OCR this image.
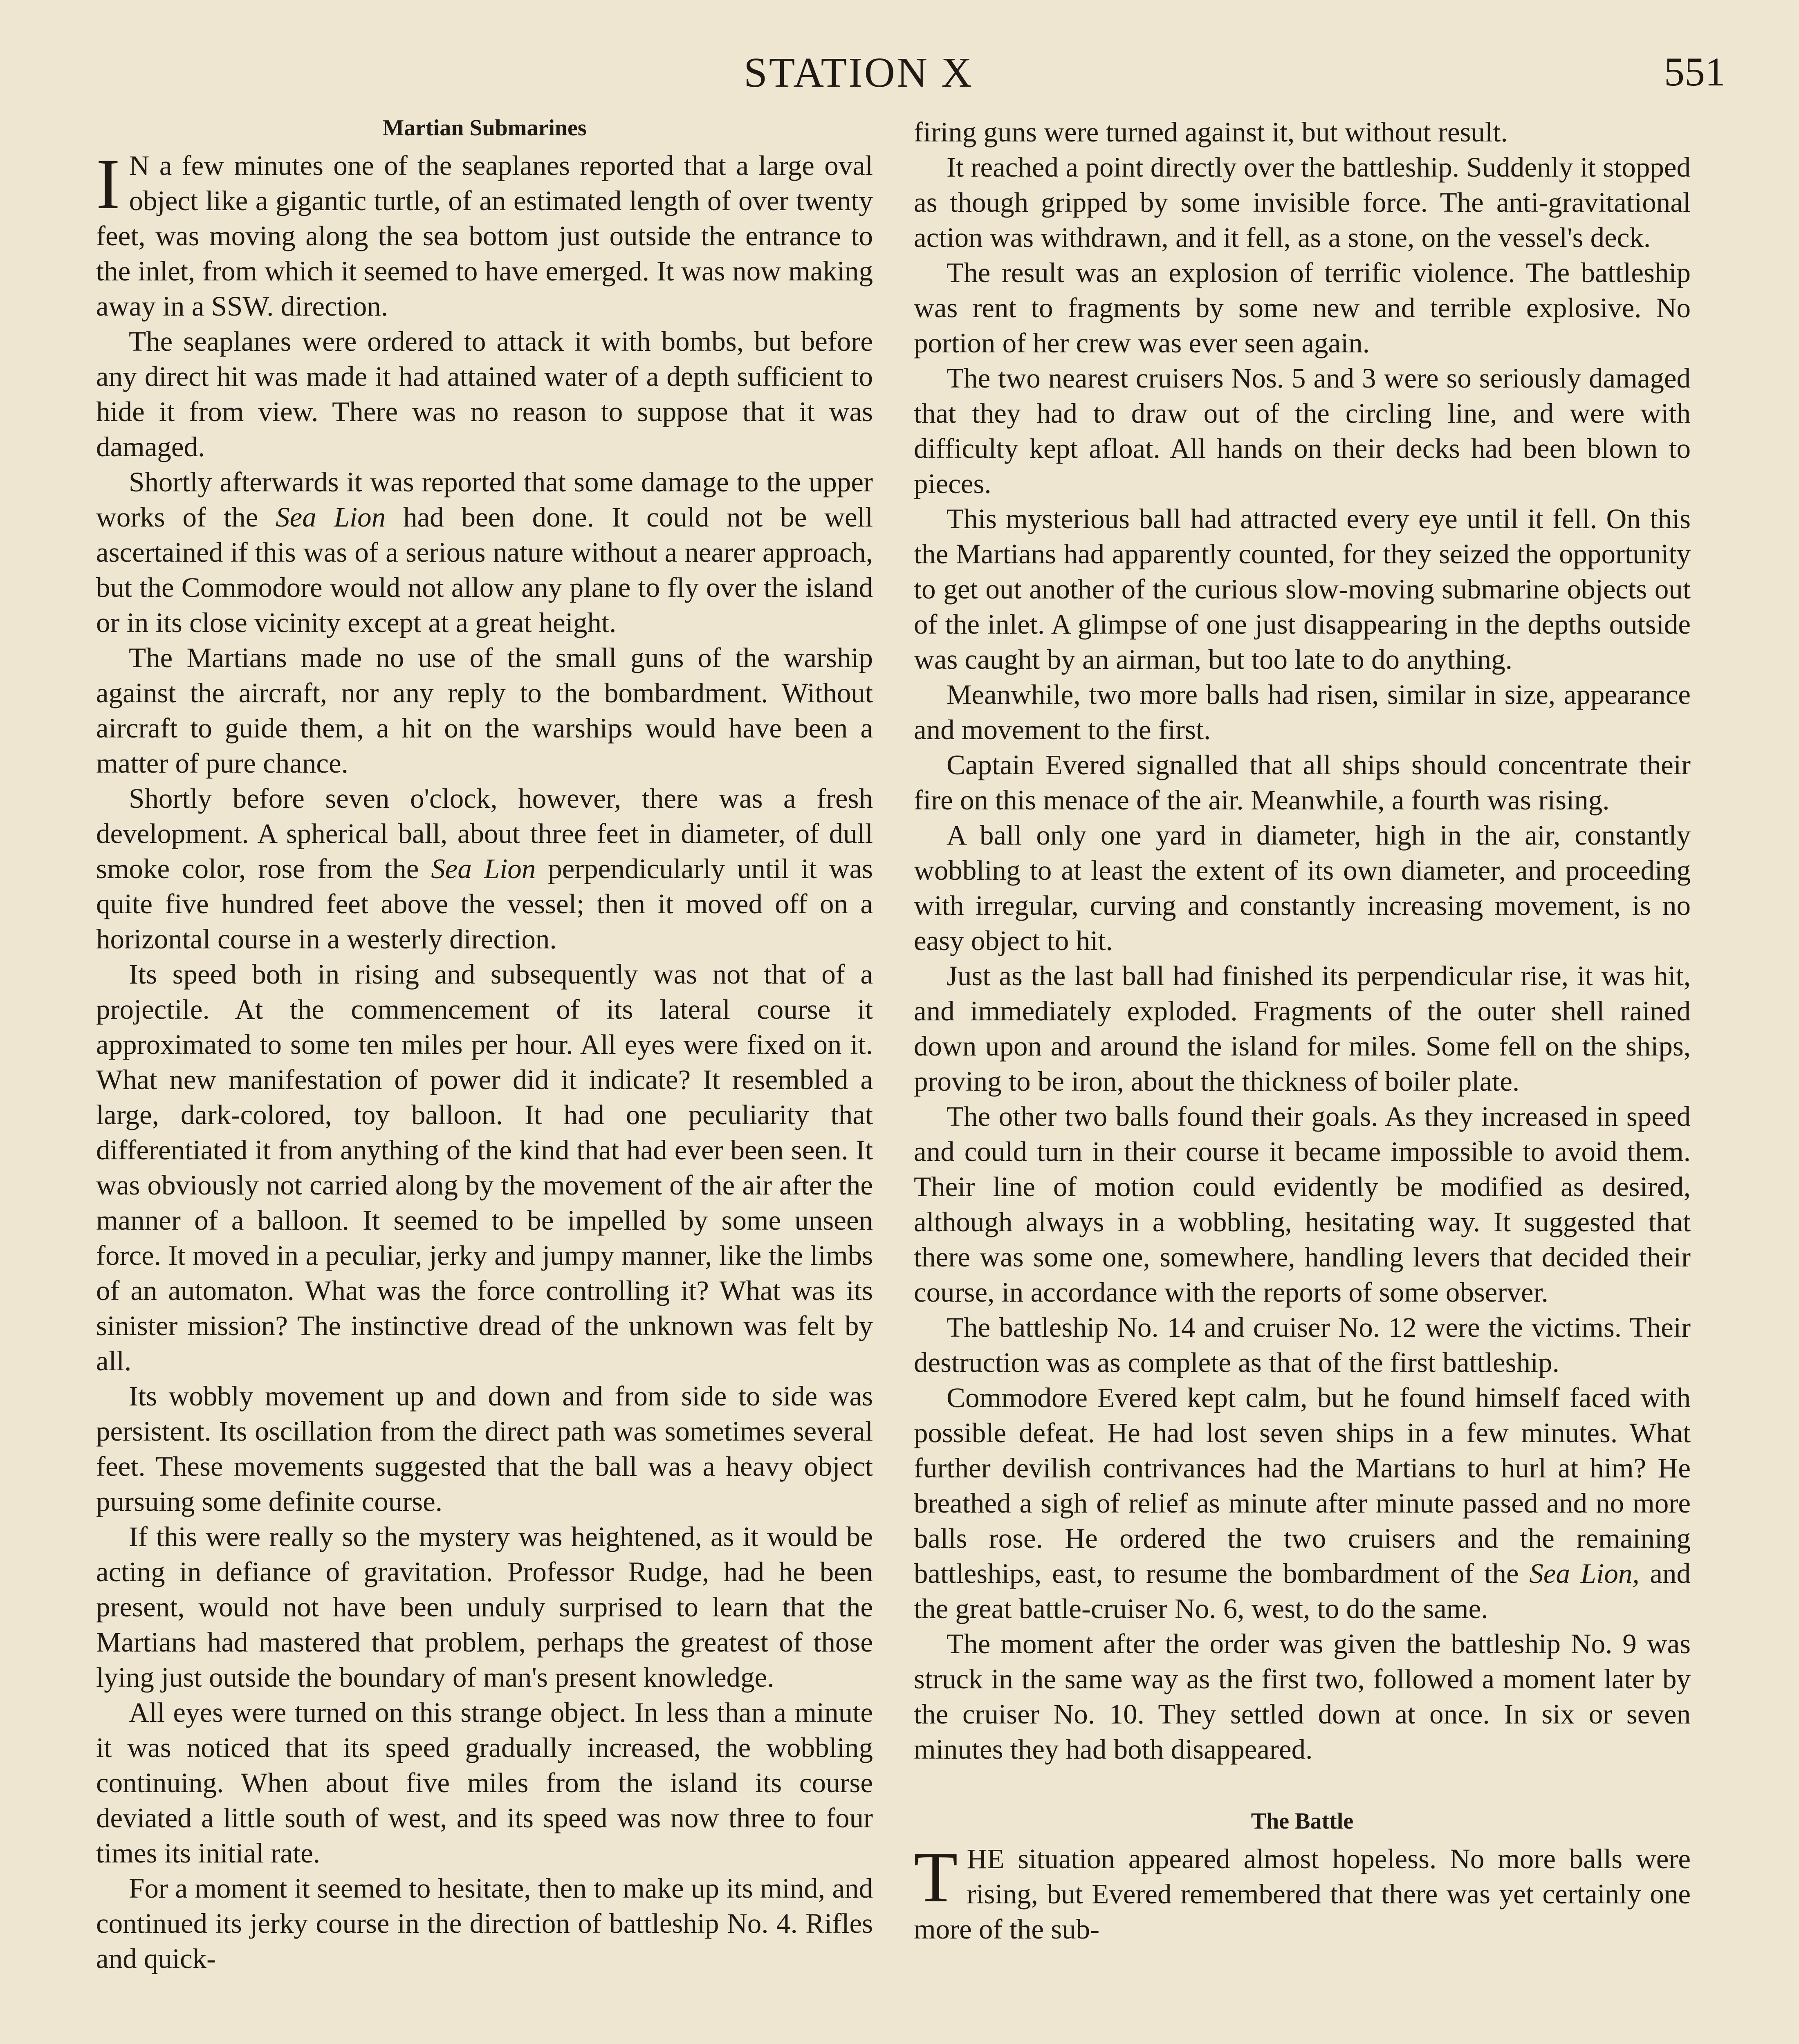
STATION X	551
Martian Submarines

I N a few minutes one of the seaplanes reported that a large oval object like a gigantic turtle, of an estimated length of over twenty feet, was moving along the sea bottom just outside the entrance to the inlet, from which it seemed to have emerged. It was now making away in a SSW. direction.

The seaplanes were ordered to attack it with bombs, but before any direct hit was made it had attained water of a depth sufficient to hide it from view. There was no reason to suppose that it was damaged.

Shortly afterwards it was reported that some damage to the upper works of the Sea Lion had been done. It could not be well ascertained if this was of a serious nature without a nearer approach, but the Commodore would not allow any plane to fly over the island or in its close vicinity except at a great height.

The Martians made no use of the small guns of the warship against the aircraft, nor any reply to the bombardment. Without aircraft to guide them, a hit on the warships would have been a matter of pure chance.

Shortly before seven o'clock, however, there was a fresh development. A spherical ball, about three feet in diameter, of dull smoke color, rose from the Sea Lion perpendicularly until it was quite five hundred feet above the vessel; then it moved off on a horizontal course in a westerly direction.

Its speed both in rising and subsequently was not that of a projectile. At the commencement of its lateral course it approximated to some ten miles per hour. All eyes were fixed on it. What new manifestation of power did it indicate? It resembled a large, dark-colored, toy balloon. It had one peculiarity that differentiated it from anything of the kind that had ever been seen. It was obviously not carried along by the movement of the air after the manner of a balloon. It seemed to be impelled by some unseen force. It moved in a peculiar, jerky and jumpy manner, like the limbs of an automaton. What was the force controlling it? What was its sinister mission? The instinctive dread of the unknown was felt by all.

Its wobbly movement up and down and from side to side was persistent. Its oscillation from the direct path was sometimes several feet. These movements suggested that the ball was a heavy object pursuing some definite course.

If this were really so the mystery was heightened, as it would be acting in defiance of gravitation. Professor Rudge, had he been present, would not have been unduly surprised to learn that the Martians had mastered that problem, perhaps the greatest of those lying just outside the boundary of man's present knowledge.

All eyes were turned on this strange object. In less than a minute it was noticed that its speed gradually increased, the wobbling continuing. When about five miles from the island its course deviated a little south of west, and its speed was now three to four times its initial rate.

For a moment it seemed to hesitate, then to make up its mind, and continued its jerky course in the direction of battleship No. 4. Rifles and quick-

firing guns were turned against it, but without result.

It reached a point directly over the battleship. Suddenly it stopped as though gripped by some invisible force. The anti-gravitational action was withdrawn, and it fell, as a stone, on the vessel's deck.

The result was an explosion of terrific violence. The battleship was rent to fragments by some new and terrible explosive. No portion of her crew was ever seen again.

The two nearest cruisers Nos. 5 and 3 were so seriously damaged that they had to draw out of the circling line, and were with difficulty kept afloat. All hands on their decks had been blown to pieces.

This mysterious ball had attracted every eye until it fell. On this the Martians had apparently counted, for they seized the opportunity to get out another of the curious slow-moving submarine objects out of the inlet. A glimpse of one just disappearing in the depths outside was caught by an airman, but too late to do anything.

Meanwhile, two more balls had risen, similar in size, appearance and movement to the first.

Captain Evered signalled that all ships should concentrate their fire on this menace of the air. Meanwhile, a fourth was rising.

A ball only one yard in diameter, high in the air, constantly wobbling to at least the extent of its own diameter, and proceeding with irregular, curving and constantly increasing movement, is no easy object to hit.

Just as the last ball had finished its perpendicular rise, it was hit, and immediately exploded. Fragments of the outer shell rained down upon and around the island for miles. Some fell on the ships, proving to be iron, about the thickness of boiler plate.

The other two balls found their goals. As they increased in speed and could turn in their course it became impossible to avoid them. Their line of motion could evidently be modified as desired, although always in a wobbling, hesitating way. It suggested that there was some one, somewhere, handling levers that decided their course, in accordance with the reports of some observer.

The battleship No. 14 and cruiser No. 12 were the victims. Their destruction was as complete as that of the first battleship.

Commodore Evered kept calm, but he found himself faced with possible defeat. He had lost seven ships in a few minutes. What further devilish contrivances had the Martians to hurl at him? He breathed a sigh of relief as minute after minute passed and no more balls rose. He ordered the two cruisers and the remaining battleships, east, to resume the bombardment of the Sea Lion, and the great battle-cruiser No. 6, west, to do the same.

The moment after the order was given the battleship No. 9 was struck in the same way as the first two, followed a moment later by the cruiser No. 10. They settled down at once. In six or seven minutes they had both disappeared.

The Battle

THE situation appeared almost hopeless. No more balls were rising, but Evered remembered that there was yet certainly one more of the sub-
